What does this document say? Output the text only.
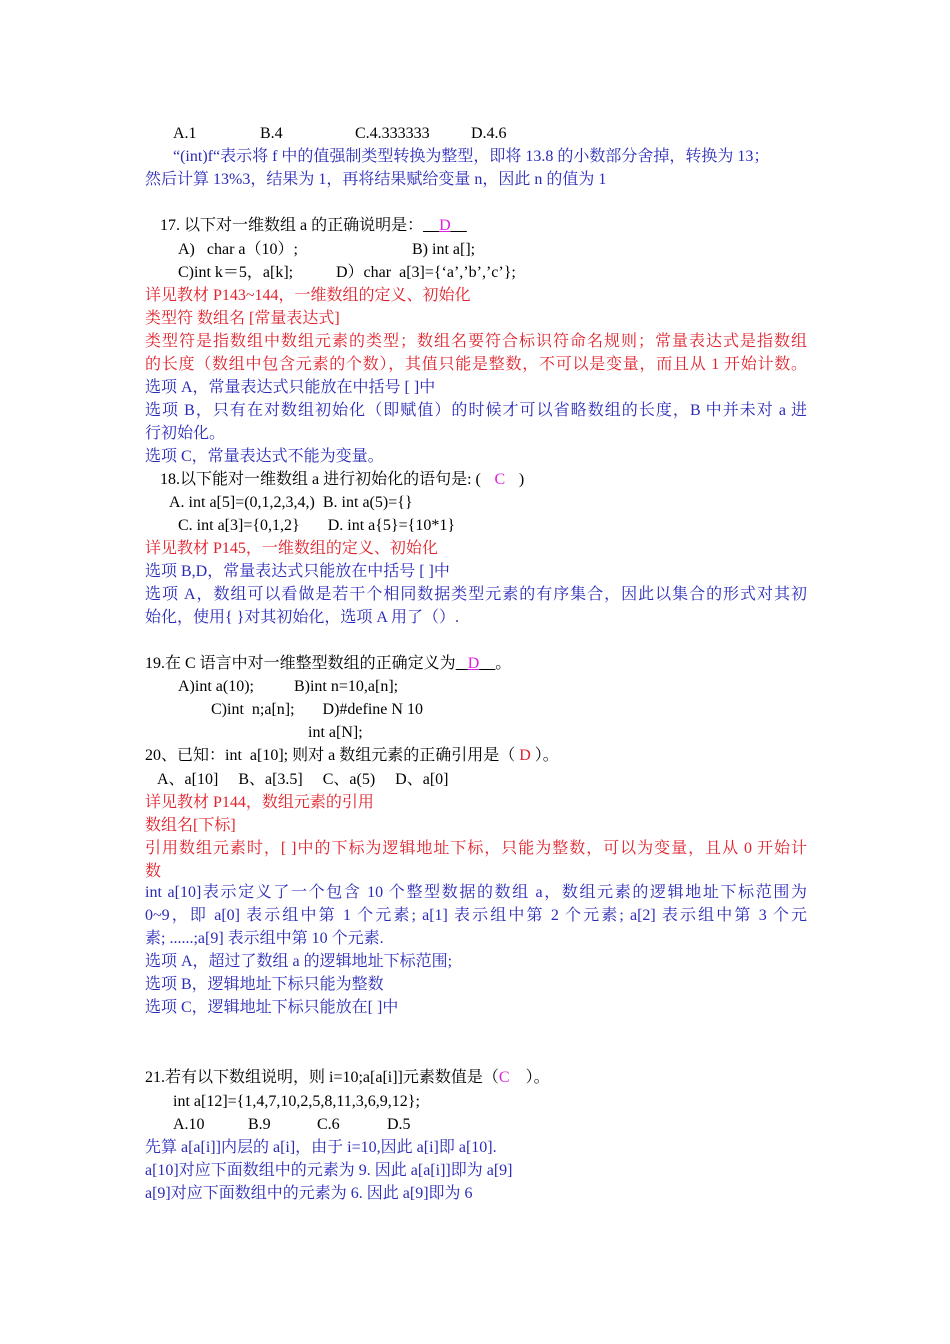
A.1	B.4	C.4.333333	D.4.6
“(int)f“表示将 f 中的值强制类型转换为整型，即将 13.8 的小数部分舍掉，转换为 13；
然后计算 13%3，结果为 1，再将结果赋给变量 n，因此 n 的值为 1
17. 以下对一维数组 a 的正确说明是：__D__
A)   char a（10）;	B) int a[];
C)int k＝5，a[k];	D）char  a[3]={‘a’,’b’,’c’};
详见教材 P143~144，一维数组的定义、初始化
类型符 数组名 [常量表达式]
类型符是指数组中数组元素的类型；数组名要符合标识符命名规则；常量表达式是指数组
的长度（数组中包含元素的个数），其值只能是整数，不可以是变量，而且从 1 开始计数。
选项 A，常量表达式只能放在中括号 [ ]中
选项 B，只有在对数组初始化（即赋值）的时候才可以省略数组的长度，B 中并未对 a 进
行初始化。
选项 C，常量表达式不能为变量。
18.以下能对一维数组 a 进行初始化的语句是: ( C )
A. int a[5]=(0,1,2,3,4,)  B. int a(5)={}
C. int a[3]={0,1,2}       D. int a{5}={10*1}
详见教材 P145，一维数组的定义、初始化
选项 B,D，常量表达式只能放在中括号 [ ]中
选项 A，数组可以看做是若干个相同数据类型元素的有序集合，因此以集合的形式对其初
始化，使用{ }对其初始化，选项 A 用了（）.
19.在 C 语言中对一维整型数组的正确定义为 _D__。
A)int a(10);          B)int n=10,a[n];
C)int  n;a[n];       D)#define N 10
int a[N];
20、已知：int  a[10]; 则对 a 数组元素的正确引用是（ D ）。
A、a[10]     B、a[3.5]     C、a(5)     D、a[0]
详见教材 P144，数组元素的引用
数组名[下标]
引用数组元素时，[ ]中的下标为逻辑地址下标，只能为整数，可以为变量，且从 0 开始计
数
int a[10]表示定义了一个包含 10 个整型数据的数组 a，数组元素的逻辑地址下标范围为
0~9，即 a[0] 表示组中第 1 个元素; a[1] 表示组中第 2 个元素; a[2] 表示组中第 3 个元
素; ......;a[9] 表示组中第 10 个元素.
选项 A，超过了数组 a 的逻辑地址下标范围;
选项 B，逻辑地址下标只能为整数
选项 C，逻辑地址下标只能放在[ ]中
21.若有以下数组说明，则 i=10;a[a[i]]元素数值是（C    ）。
int a[12]={1,4,7,10,2,5,8,11,3,6,9,12};
A.10	B.9	C.6	D.5
先算 a[a[i]]内层的 a[i]，由于 i=10,因此 a[i]即 a[10].
a[10]对应下面数组中的元素为 9. 因此 a[a[i]]即为 a[9]
a[9]对应下面数组中的元素为 6. 因此 a[9]即为 6
